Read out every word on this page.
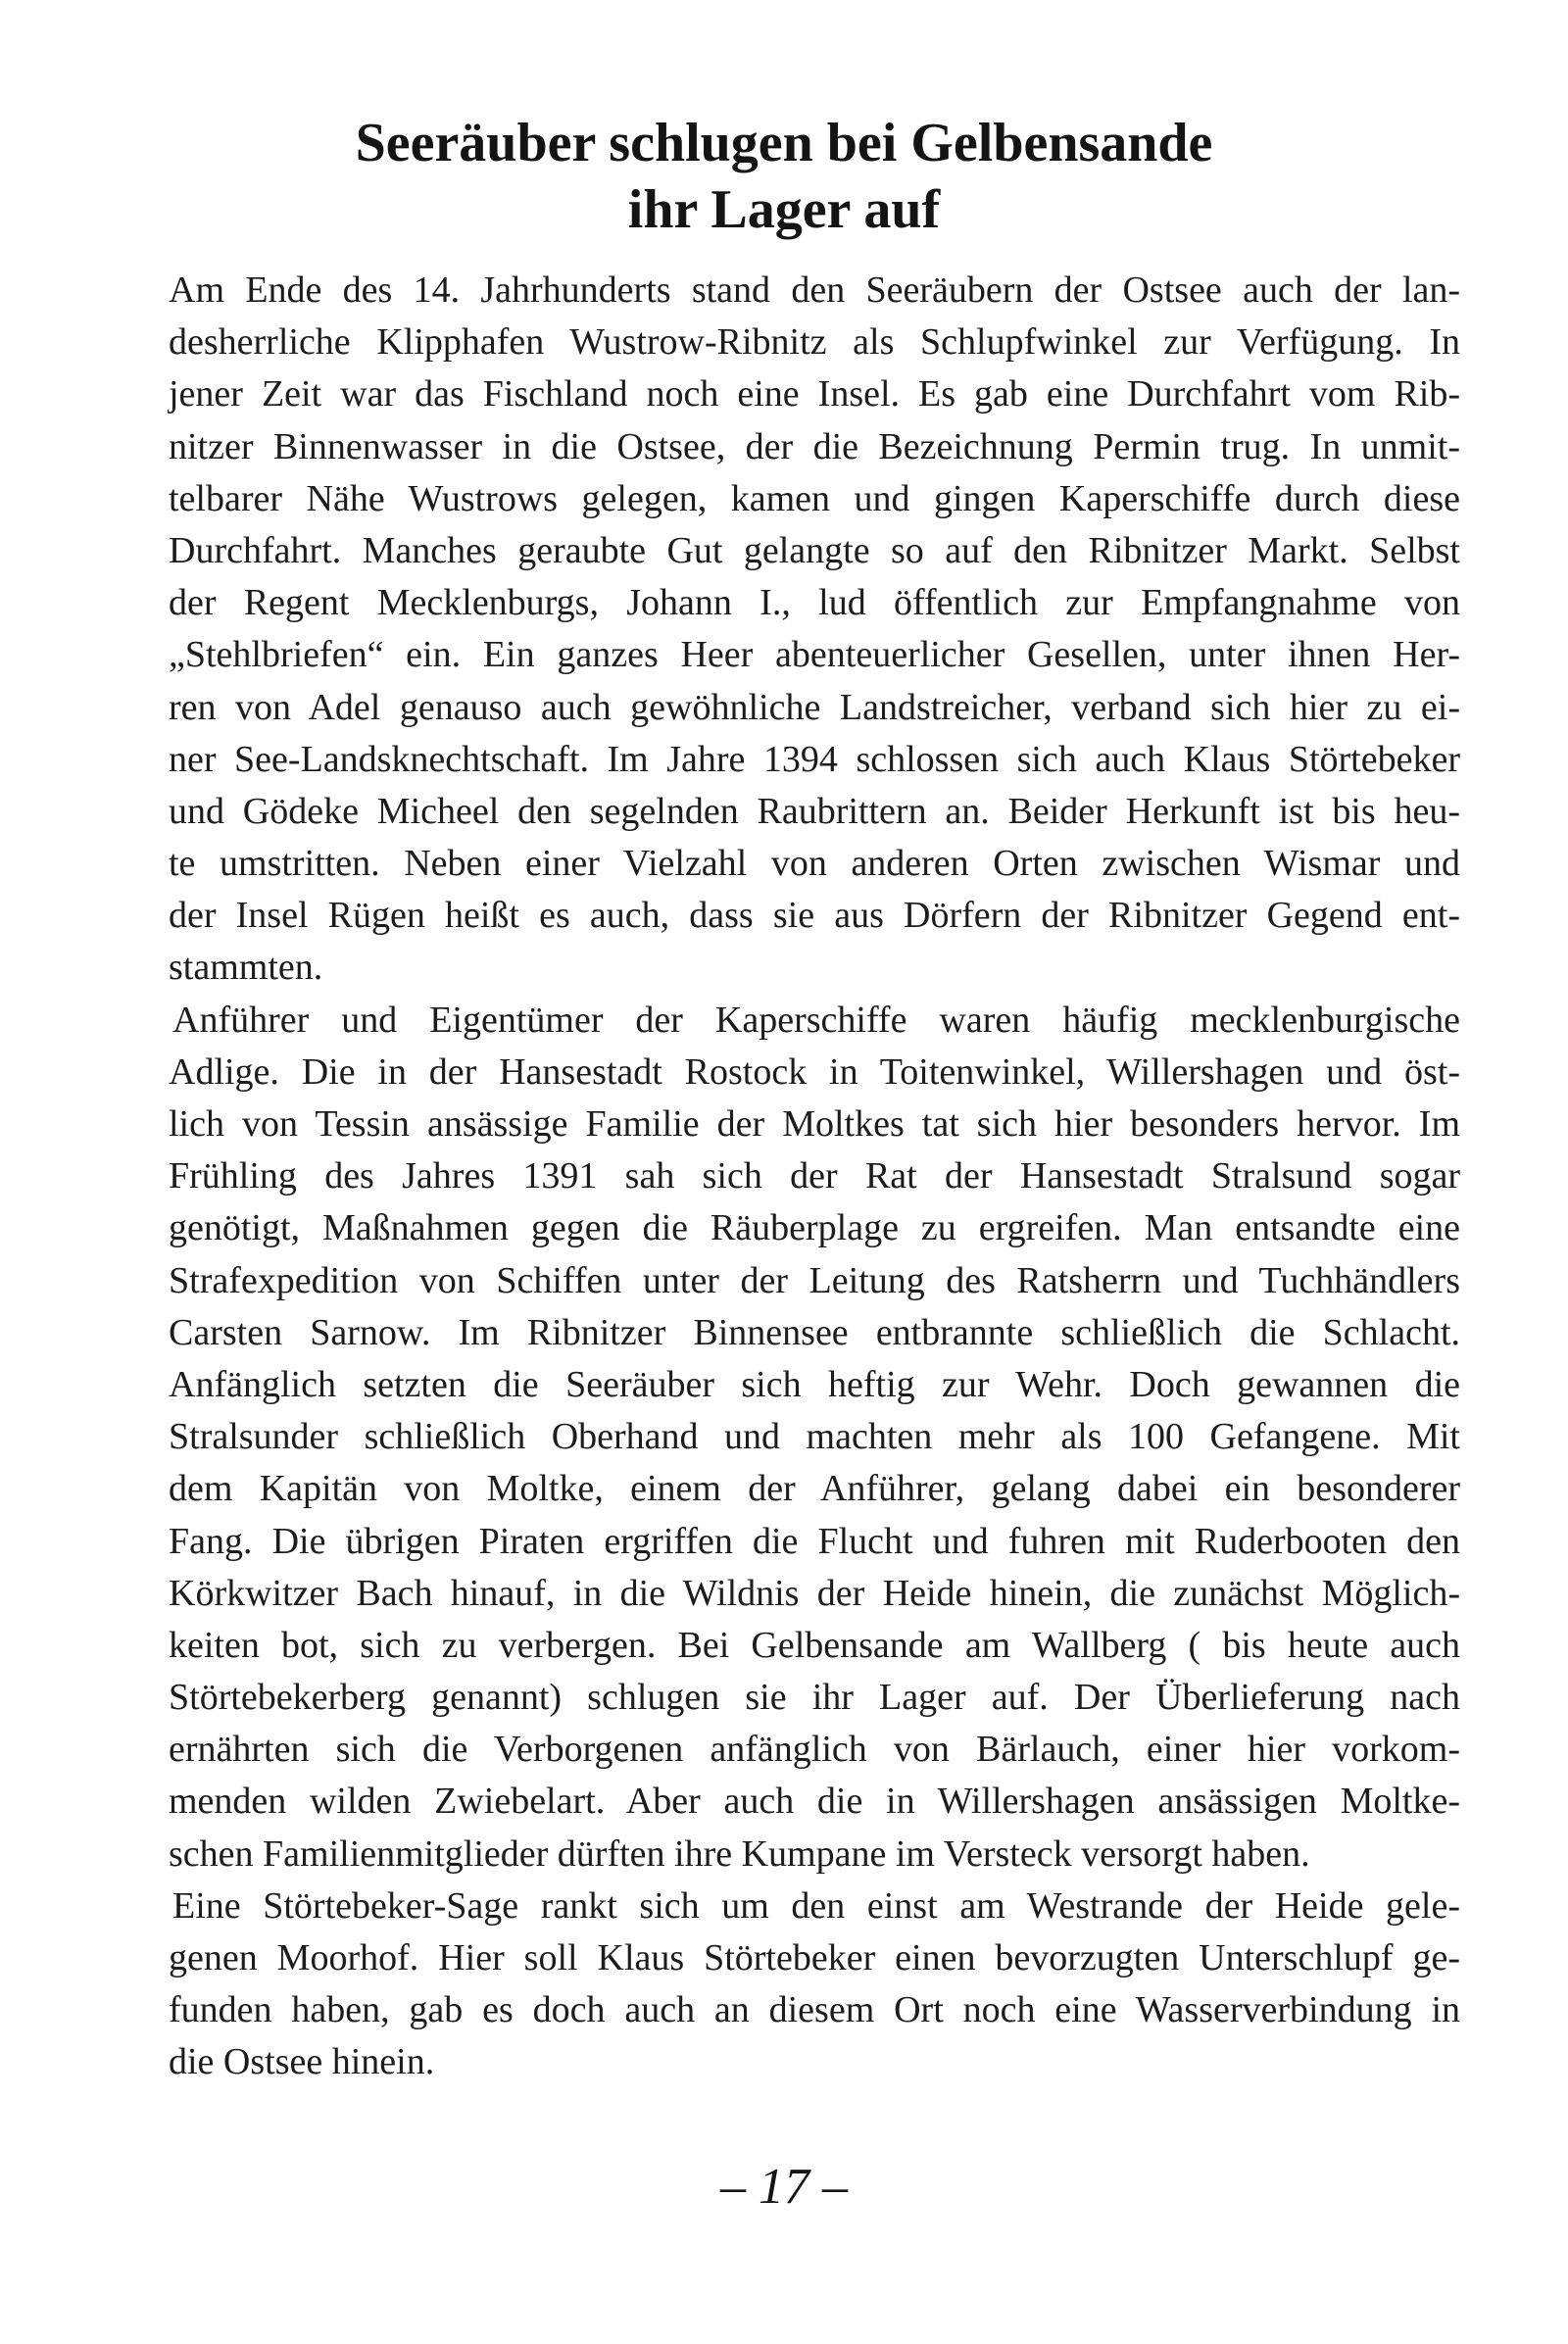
Seeräuber schlugen bei Gelbensande
ihr Lager auf
Am Ende des 14. Jahrhunderts stand den Seeräubern der Ostsee auch der lan-
desherrliche Klipphafen Wustrow-Ribnitz als Schlupfwinkel zur Verfügung. In
jener Zeit war das Fischland noch eine Insel. Es gab eine Durchfahrt vom Rib-
nitzer Binnenwasser in die Ostsee, der die Bezeichnung Permin trug. In unmit-
telbarer Nähe Wustrows gelegen, kamen und gingen Kaperschiffe durch diese
Durchfahrt. Manches geraubte Gut gelangte so auf den Ribnitzer Markt. Selbst
der Regent Mecklenburgs, Johann I., lud öffentlich zur Empfangnahme von
„Stehlbriefen“ ein. Ein ganzes Heer abenteuerlicher Gesellen, unter ihnen Her-
ren von Adel genauso auch gewöhnliche Landstreicher, verband sich hier zu ei-
ner See-Landsknechtschaft. Im Jahre 1394 schlossen sich auch Klaus Störtebeker
und Gödeke Micheel den segelnden Raubrittern an. Beider Herkunft ist bis heu-
te umstritten. Neben einer Vielzahl von anderen Orten zwischen Wismar und
der Insel Rügen heißt es auch, dass sie aus Dörfern der Ribnitzer Gegend ent-
stammten.
Anführer und Eigentümer der Kaperschiffe waren häufig mecklenburgische
Adlige. Die in der Hansestadt Rostock in Toitenwinkel, Willershagen und öst-
lich von Tessin ansässige Familie der Moltkes tat sich hier besonders hervor. Im
Frühling des Jahres 1391 sah sich der Rat der Hansestadt Stralsund sogar
genötigt, Maßnahmen gegen die Räuberplage zu ergreifen. Man entsandte eine
Strafexpedition von Schiffen unter der Leitung des Ratsherrn und Tuchhändlers
Carsten Sarnow. Im Ribnitzer Binnensee entbrannte schließlich die Schlacht.
Anfänglich setzten die Seeräuber sich heftig zur Wehr. Doch gewannen die
Stralsunder schließlich Oberhand und machten mehr als 100 Gefangene. Mit
dem Kapitän von Moltke, einem der Anführer, gelang dabei ein besonderer
Fang. Die übrigen Piraten ergriffen die Flucht und fuhren mit Ruderbooten den
Körkwitzer Bach hinauf, in die Wildnis der Heide hinein, die zunächst Möglich-
keiten bot, sich zu verbergen. Bei Gelbensande am Wallberg ( bis heute auch
Störtebekerberg genannt) schlugen sie ihr Lager auf. Der Überlieferung nach
ernährten sich die Verborgenen anfänglich von Bärlauch, einer hier vorkom-
menden wilden Zwiebelart. Aber auch die in Willershagen ansässigen Moltke-
schen Familienmitglieder dürften ihre Kumpane im Versteck versorgt haben.
Eine Störtebeker-Sage rankt sich um den einst am Westrande der Heide gele-
genen Moorhof. Hier soll Klaus Störtebeker einen bevorzugten Unterschlupf ge-
funden haben, gab es doch auch an diesem Ort noch eine Wasserverbindung in
die Ostsee hinein.
– 17 –
